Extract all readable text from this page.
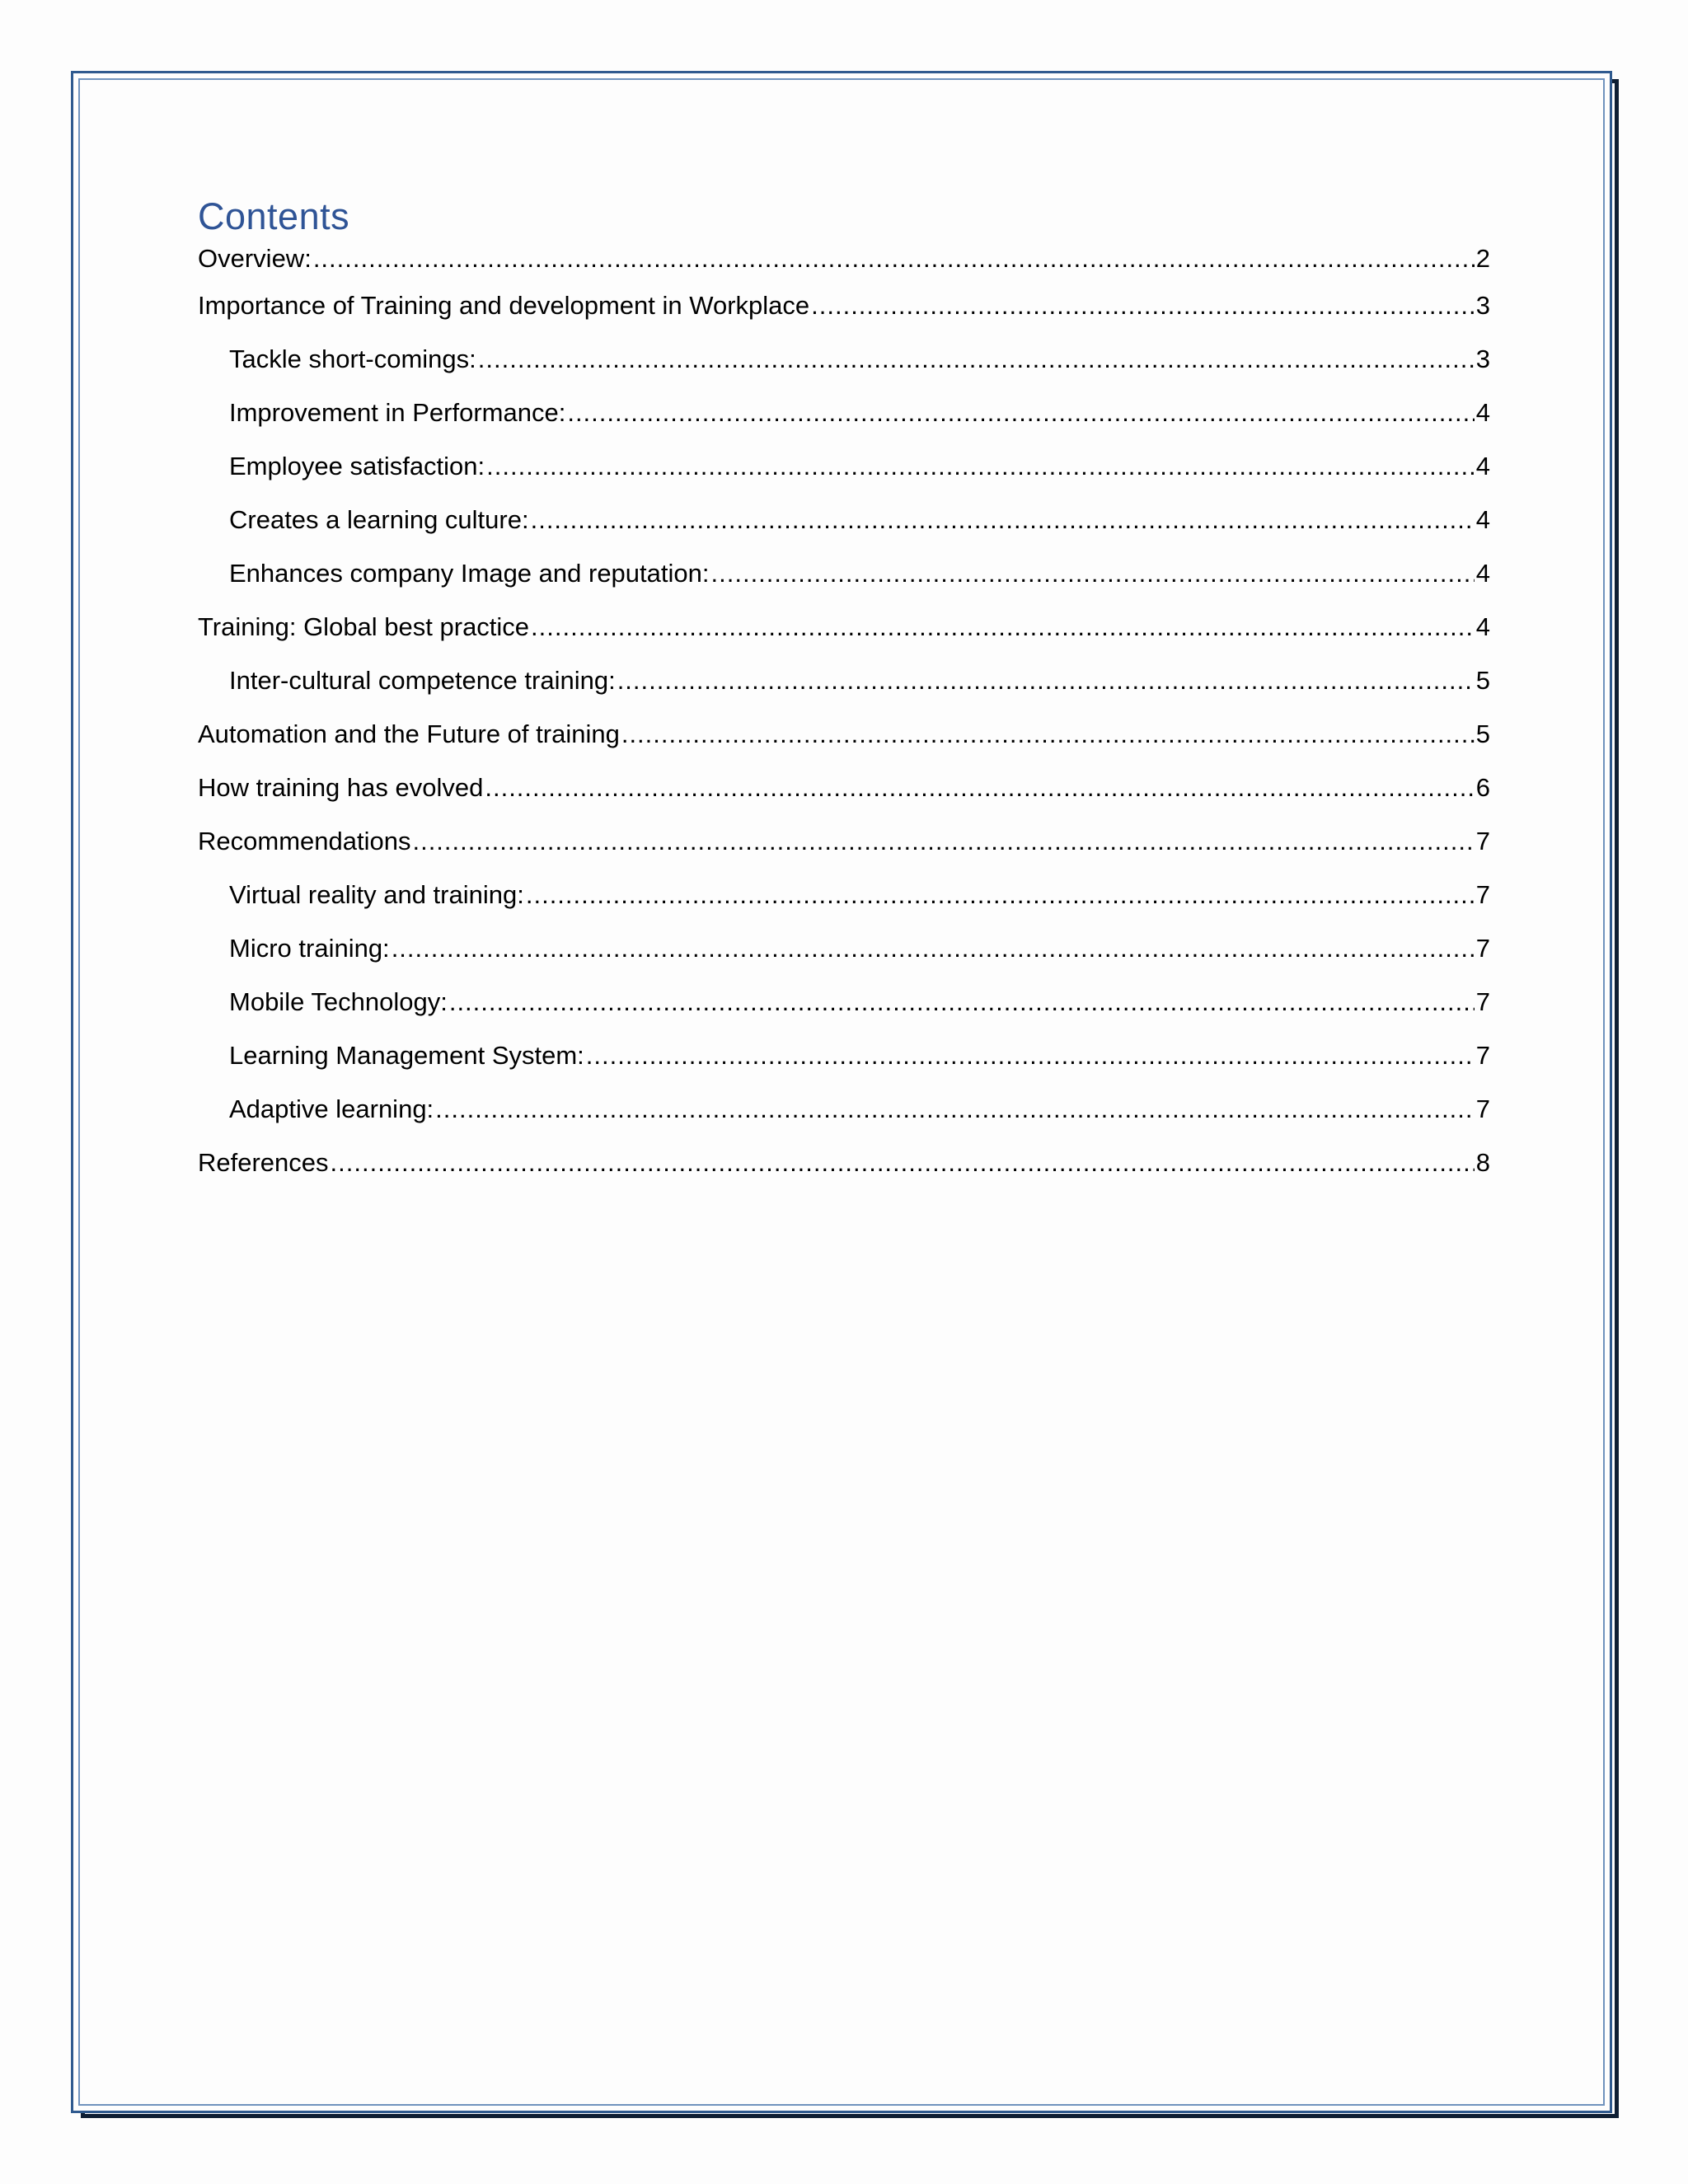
Contents
Overview: .....	2
Importance of Training and development in Workplace .....	3
Tackle short-comings: .....	3
Improvement in Performance: .....	4
Employee satisfaction: .....	4
Creates a learning culture: .....	4
Enhances company Image and reputation: .....	4
Training: Global best practice .....	4
Inter-cultural competence training: .....	5
Automation and the Future of training .....	5
How training has evolved .....	6
Recommendations .....	7
Virtual reality and training: .....	7
Micro training: .....	7
Mobile Technology: .....	7
Learning Management System: .....	7
Adaptive learning: .....	7
References .....	8
